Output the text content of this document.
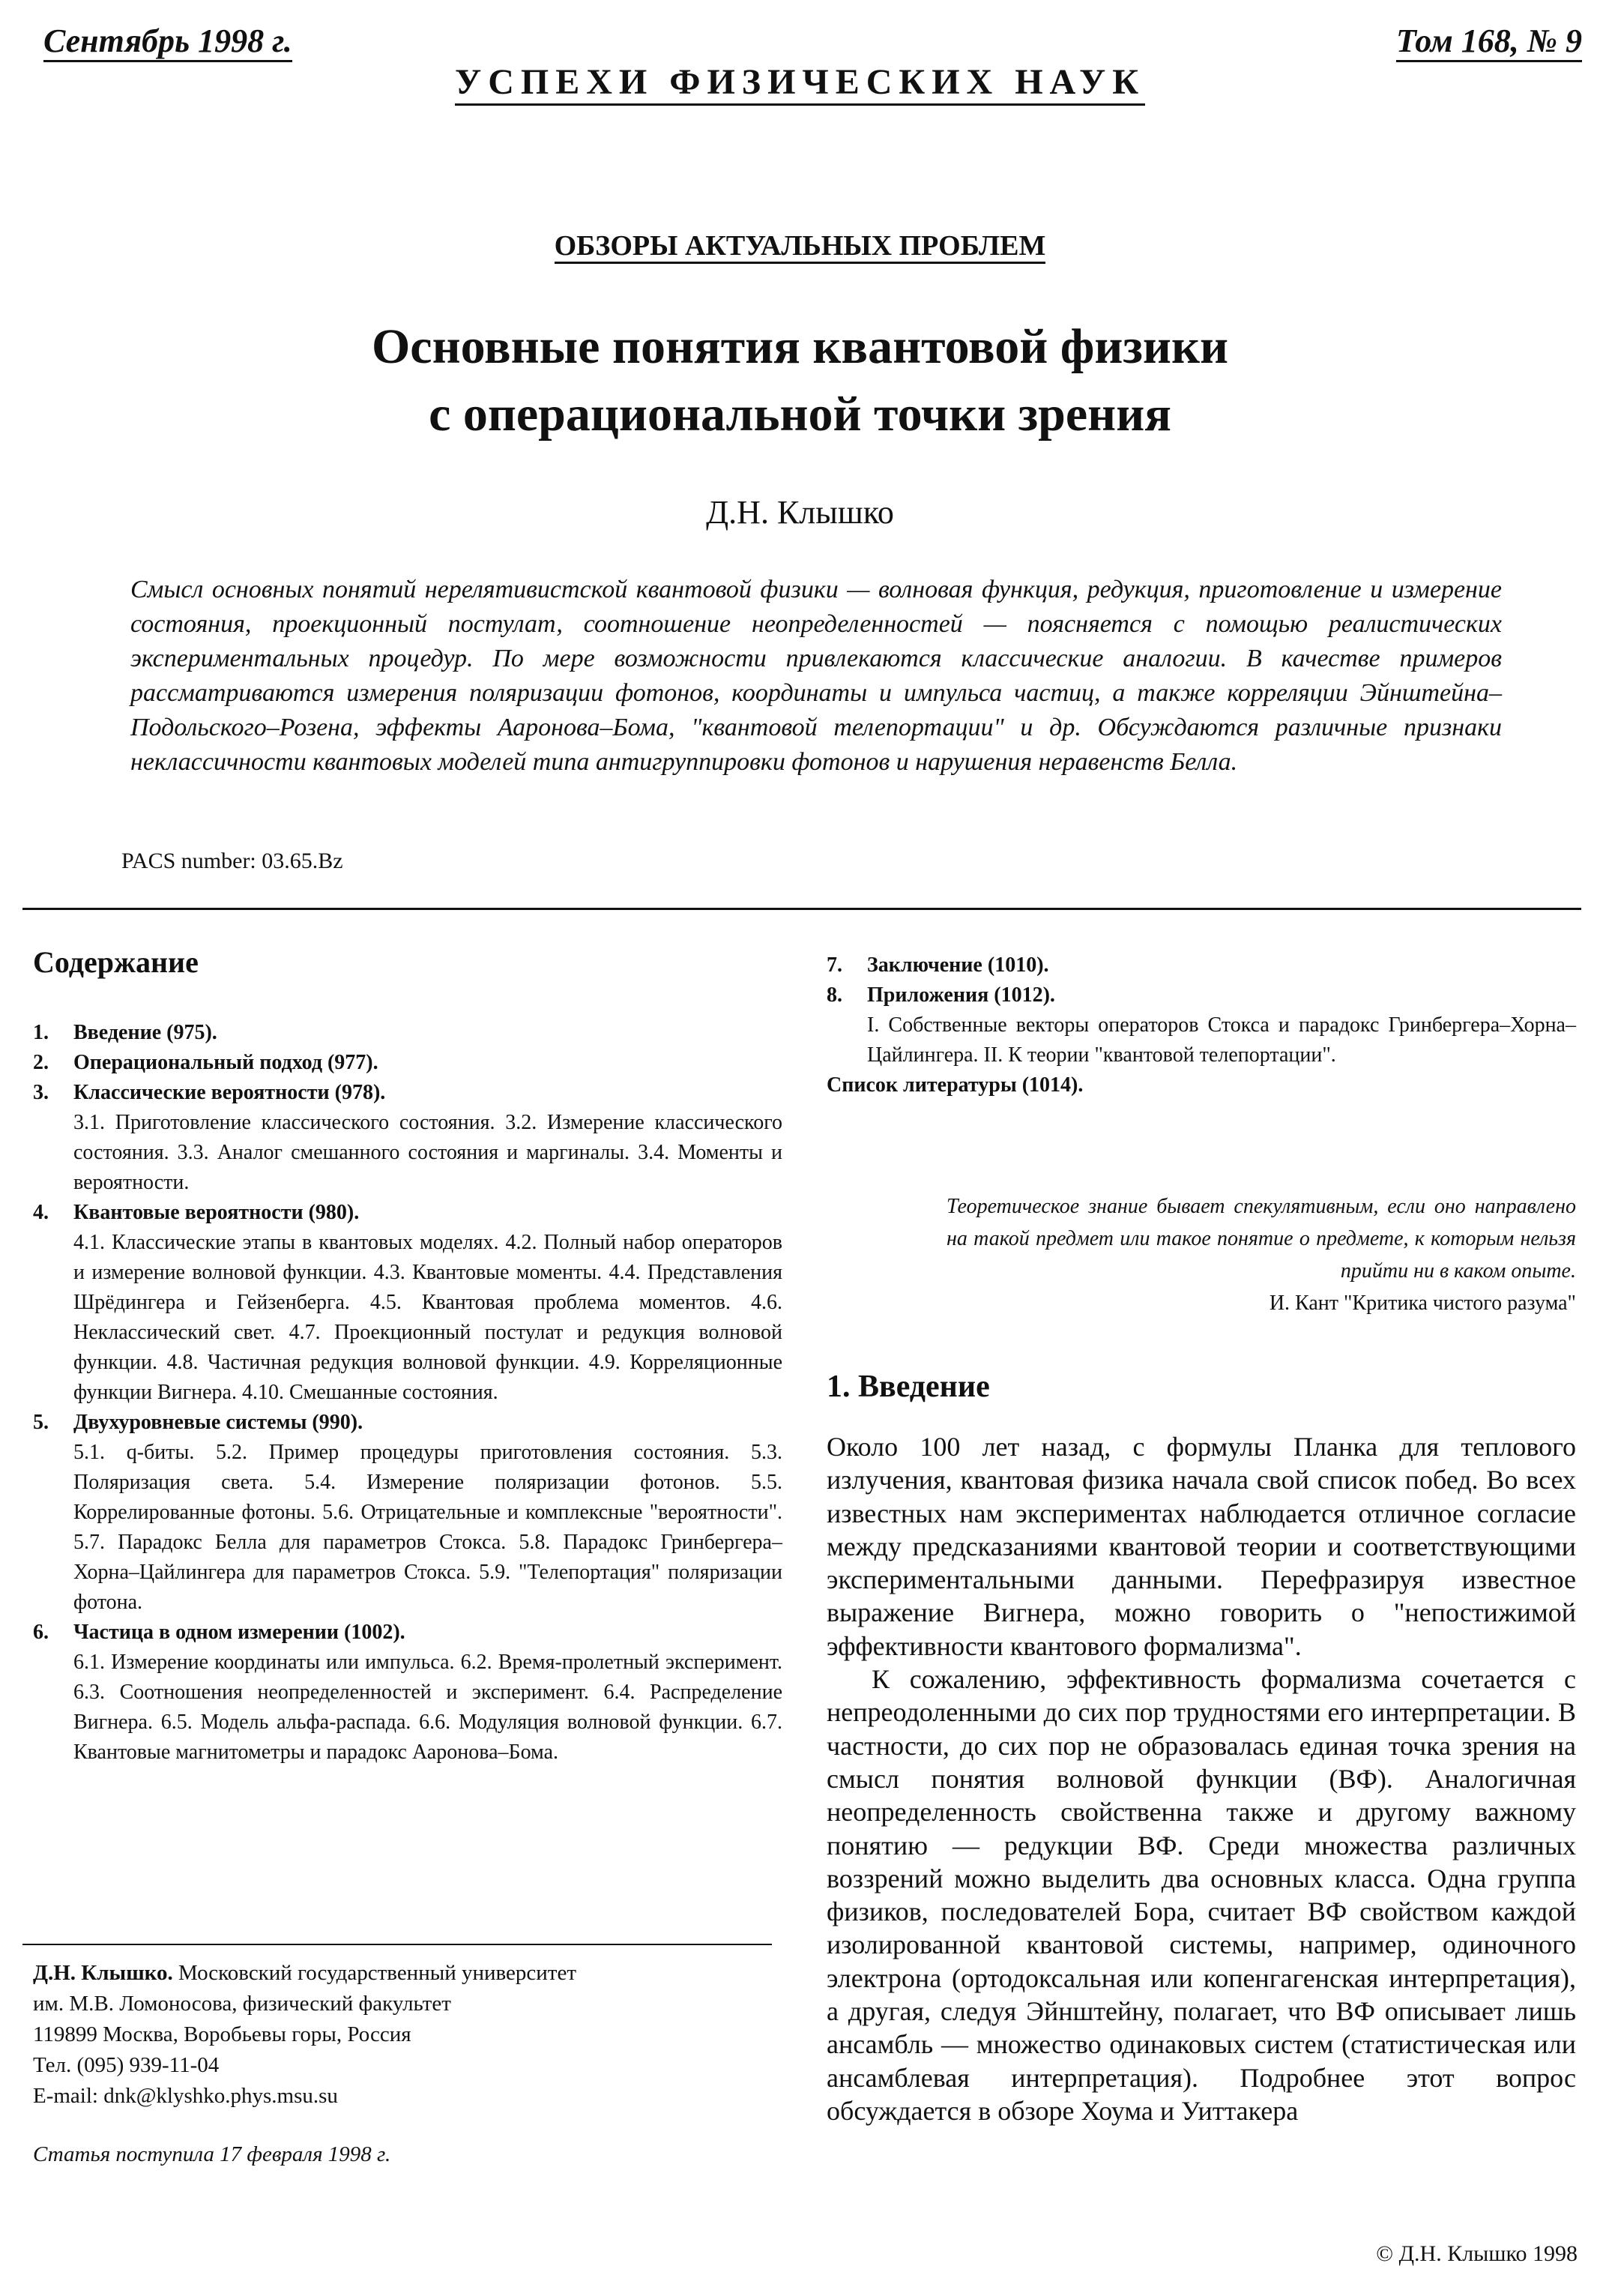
Сентябрь 1998 г.	Том 168, № 9
УСПЕХИ ФИЗИЧЕСКИХ НАУК
ОБЗОРЫ АКТУАЛЬНЫХ ПРОБЛЕМ
Основные понятия квантовой физики
с операциональной точки зрения
Д.Н. Клышко
Смысл основных понятий нерелятивистской квантовой физики — волновая функция, редукция, приготовление и измерение состояния, проекционный постулат, соотношение неопределенностей — поясняется с помощью реалистических экспериментальных процедур. По мере возможности привлекаются классические аналогии. В качестве примеров рассматриваются измерения поляризации фотонов, координаты и импульса частиц, а также корреляции Эйнштейна–Подольского–Розена, эффекты Ааронова–Бома, "квантовой телепортации" и др. Обсуждаются различные признаки неклассичности квантовых моделей типа антигруппировки фотонов и нарушения неравенств Белла.
PACS number: 03.65.Bz
Содержание
1.	Введение (975).
2.	Операциональный подход (977).
3.	Классические вероятности (978).
3.1. Приготовление классического состояния. 3.2. Измерение классического состояния. 3.3. Аналог смешанного состояния и маргиналы. 3.4. Моменты и вероятности.
4.	Квантовые вероятности (980).
4.1. Классические этапы в квантовых моделях. 4.2. Полный набор операторов и измерение волновой функции. 4.3. Квантовые моменты. 4.4. Представления Шрёдингера и Гейзенберга. 4.5. Квантовая проблема моментов. 4.6. Неклассический свет. 4.7. Проекционный постулат и редукция волновой функции. 4.8. Частичная редукция волновой функции. 4.9. Корреляционные функции Вигнера. 4.10. Смешанные состояния.
5.	Двухуровневые системы (990).
5.1. q-биты. 5.2. Пример процедуры приготовления состояния. 5.3. Поляризация света. 5.4. Измерение поляризации фотонов. 5.5. Коррелированные фотоны. 5.6. Отрицательные и комплексные "вероятности". 5.7. Парадокс Белла для параметров Стокса. 5.8. Парадокс Гринбергера–Хорна–Цайлингера для параметров Стокса. 5.9. "Телепортация" поляризации фотона.
6.	Частица в одном измерении (1002).
6.1. Измерение координаты или импульса. 6.2. Время-пролетный эксперимент. 6.3. Соотношения неопределенностей и эксперимент. 6.4. Распределение Вигнера. 6.5. Модель альфа-распада. 6.6. Модуляция волновой функции. 6.7. Квантовые магнитометры и парадокс Ааронова–Бома.
Д.Н. Клышко. Московский государственный университет
им. М.В. Ломоносова, физический факультет
119899 Москва, Воробьевы горы, Россия
Тел. (095) 939-11-04
E-mail: dnk@klyshko.phys.msu.su
Статья поступила 17 февраля 1998 г.
7.	Заключение (1010).
8.	Приложения (1012).
I. Собственные векторы операторов Стокса и парадокс Гринбергера–Хорна–Цайлингера. II. К теории "квантовой телепортации".
Список литературы (1014).
Теоретическое знание бывает спекулятивным, если оно направлено на такой предмет или такое понятие о предмете, к которым нельзя прийти ни в каком опыте.
И. Кант "Критика чистого разума"
1. Введение

Около 100 лет назад, с формулы Планка для теплового излучения, квантовая физика начала свой список побед. Во всех известных нам экспериментах наблюдается отличное согласие между предсказаниями квантовой теории и соответствующими экспериментальными данными. Перефразируя известное выражение Вигнера, можно говорить о "непостижимой эффективности квантового формализма".

К сожалению, эффективность формализма сочетается с непреодоленными до сих пор трудностями его интерпретации. В частности, до сих пор не образовалась единая точка зрения на смысл понятия волновой функции (ВФ). Аналогичная неопределенность свойственна также и другому важному понятию — редукции ВФ. Среди множества различных воззрений можно выделить два основных класса. Одна группа физиков, последователей Бора, считает ВФ свойством каждой изолированной квантовой системы, например, одиночного электрона (ортодоксальная или копенгагенская интерпретация), а другая, следуя Эйнштейну, полагает, что ВФ описывает лишь ансамбль — множество одинаковых систем (статистическая или ансамблевая интерпретация). Подробнее этот вопрос обсуждается в обзоре Хоума и Уиттакера

© Д.Н. Клышко 1998
